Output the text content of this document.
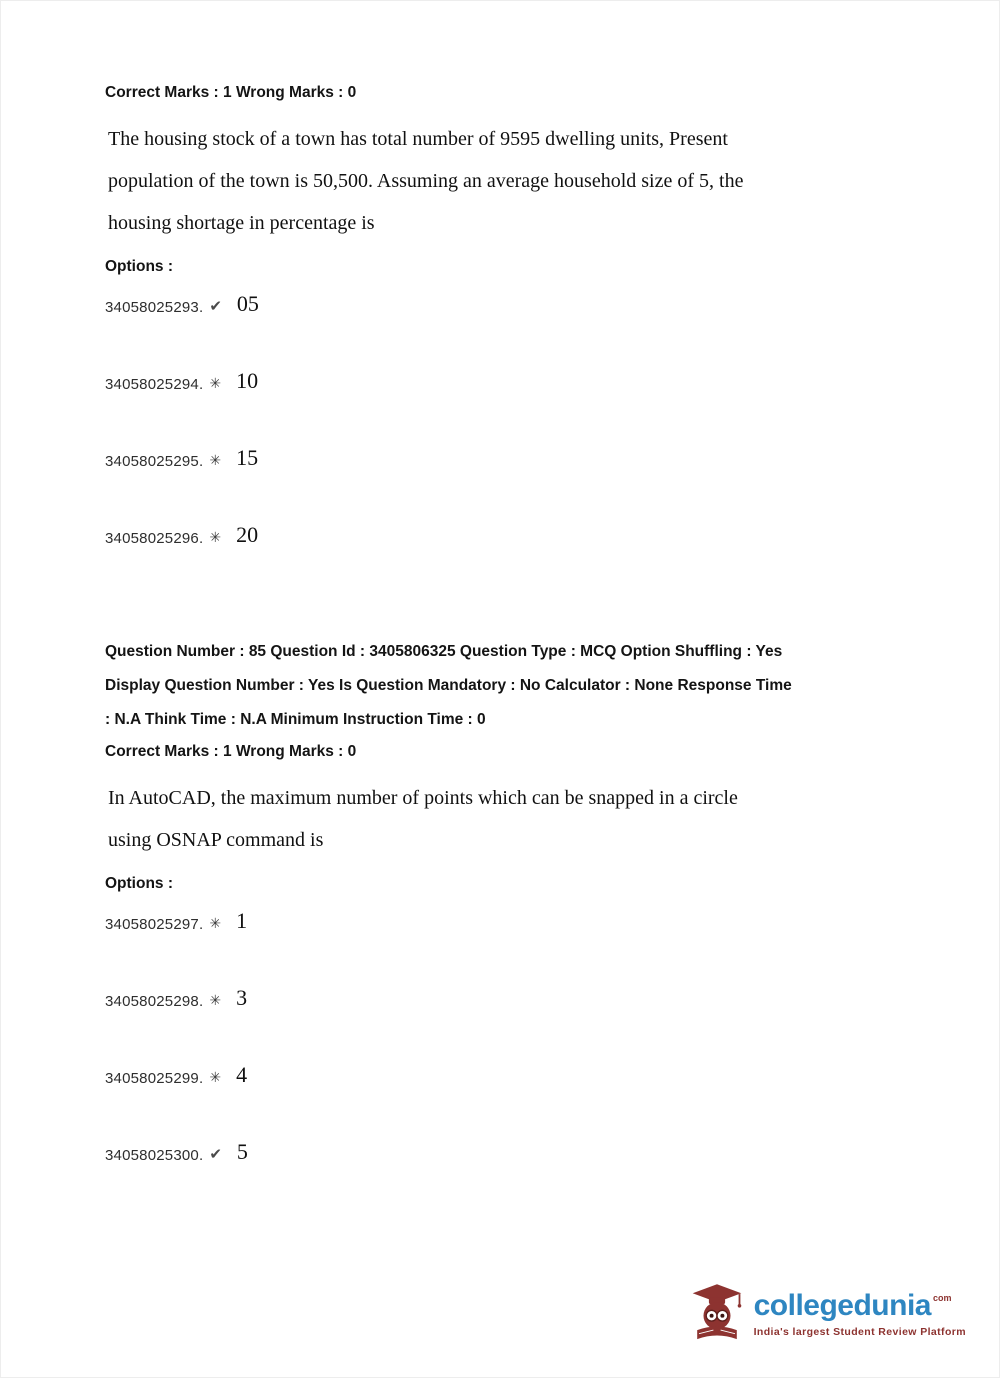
Correct Marks : 1 Wrong Marks : 0
The housing stock of a town has total number of 9595 dwelling units, Present
population of the town is 50,500. Assuming an average household size of 5, the
housing shortage in percentage is
Options :
34058025293. ✔ 05
34058025294. ✳ 10
34058025295. ✳ 15
34058025296. ✳ 20
Question Number : 85 Question Id : 3405806325 Question Type : MCQ Option Shuffling : Yes
Display Question Number : Yes Is Question Mandatory : No Calculator : None Response Time
: N.A Think Time : N.A Minimum Instruction Time : 0
Correct Marks : 1 Wrong Marks : 0
In AutoCAD, the maximum number of points which can be snapped in a circle
using OSNAP command is
Options :
34058025297. ✳ 1
34058025298. ✳ 3
34058025299. ✳ 4
34058025300. ✔ 5
collegedunia com
India's largest Student Review Platform
